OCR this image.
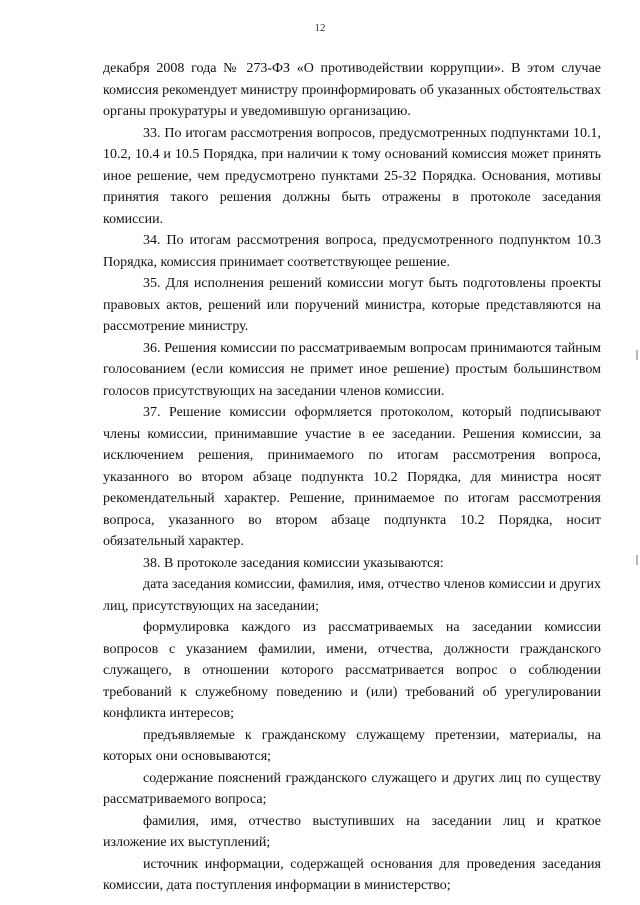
12

декабря 2008 года № 273-ФЗ «О противодействии коррупции». В этом случае комиссия рекомендует министру проинформировать об указанных обстоятельствах органы прокуратуры и уведомившую организацию.

33. По итогам рассмотрения вопросов, предусмотренных подпунктами 10.1, 10.2, 10.4 и 10.5 Порядка, при наличии к тому оснований комиссия может принять иное решение, чем предусмотрено пунктами 25-32 Порядка. Основания, мотивы принятия такого решения должны быть отражены в протоколе заседания комиссии.

34. По итогам рассмотрения вопроса, предусмотренного подпунктом 10.3 Порядка, комиссия принимает соответствующее решение.

35. Для исполнения решений комиссии могут быть подготовлены проекты правовых актов, решений или поручений министра, которые представляются на рассмотрение министру.

36. Решения комиссии по рассматриваемым вопросам принимаются тайным голосованием (если комиссия не примет иное решение) простым большинством голосов присутствующих на заседании членов комиссии.

37. Решение комиссии оформляется протоколом, который подписывают члены комиссии, принимавшие участие в ее заседании. Решения комиссии, за исключением решения, принимаемого по итогам рассмотрения вопроса, указанного во втором абзаце подпункта 10.2 Порядка, для министра носят рекомендательный характер. Решение, принимаемое по итогам рассмотрения вопроса, указанного во втором абзаце подпункта 10.2 Порядка, носит обязательный характер.

38. В протоколе заседания комиссии указываются:

дата заседания комиссии, фамилия, имя, отчество членов комиссии и других лиц, присутствующих на заседании;

формулировка каждого из рассматриваемых на заседании комиссии вопросов с указанием фамилии, имени, отчества, должности гражданского служащего, в отношении которого рассматривается вопрос о соблюдении требований к служебному поведению и (или) требований об урегулировании конфликта интересов;

предъявляемые к гражданскому служащему претензии, материалы, на которых они основываются;

содержание пояснений гражданского служащего и других лиц по существу рассматриваемого вопроса;

фамилия, имя, отчество выступивших на заседании лиц и краткое изложение их выступлений;

источник информации, содержащей основания для проведения заседания комиссии, дата поступления информации в министерство;
